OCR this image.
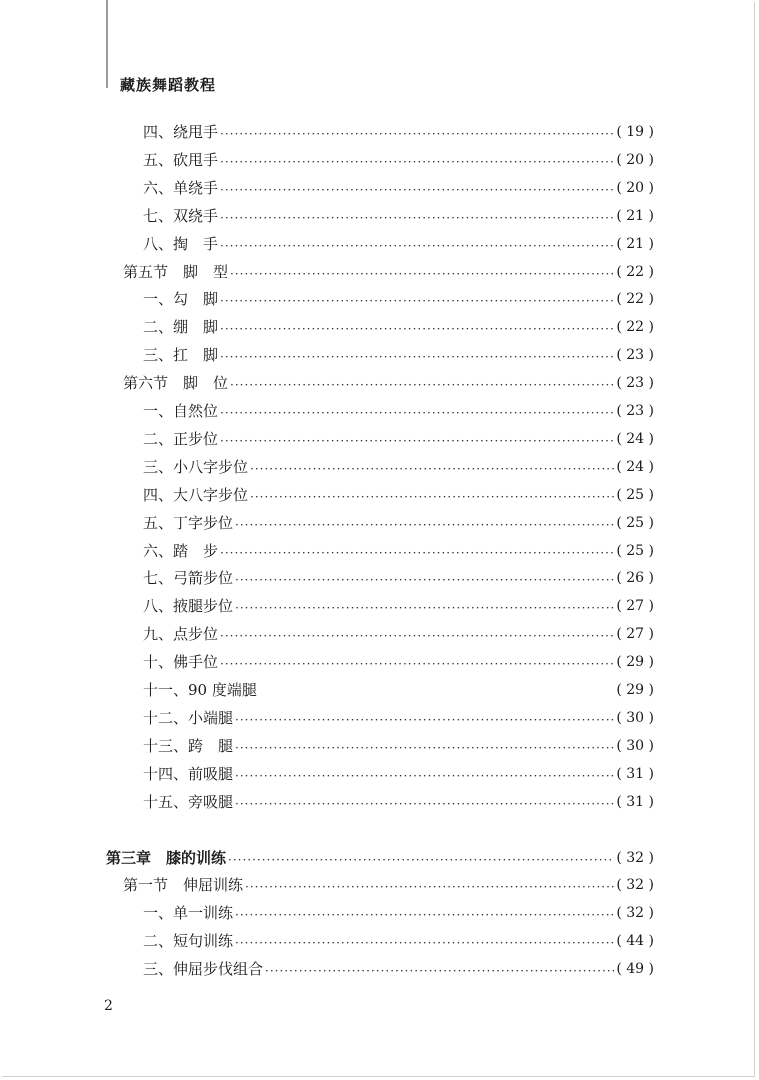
藏族舞蹈教程
四、绕甩手 ·····	( 19 )
五、砍甩手 ·····	( 20 )
六、单绕手 ·····	( 20 )
七、双绕手 ·····	( 21 )
八、掏　手 ·····	( 21 )
第五节　脚　型 ·····	( 22 )
一、勾　脚 ·····	( 22 )
二、绷　脚 ·····	( 22 )
三、扛　脚 ·····	( 23 )
第六节　脚　位 ·····	( 23 )
一、自然位 ·····	( 23 )
二、正步位 ·····	( 24 )
三、小八字步位 ·····	( 24 )
四、大八字步位 ·····	( 25 )
五、丁字步位 ·····	( 25 )
六、踏　步 ·····	( 25 )
七、弓箭步位 ·····	( 26 )
八、掖腿步位 ·····	( 27 )
九、点步位 ·····	( 27 )
十、佛手位 ·····	( 29 )
十一、90 度端腿	( 29 )
十二、小端腿 ·····	( 30 )
十三、跨　腿 ·····	( 30 )
十四、前吸腿 ·····	( 31 )
十五、旁吸腿 ·····	( 31 )
第三章　膝的训练 ·····	( 32 )
第一节　伸屈训练 ·····	( 32 )
一、单一训练 ·····	( 32 )
二、短句训练 ·····	( 44 )
三、伸屈步伐组合 ·····	( 49 )
2
